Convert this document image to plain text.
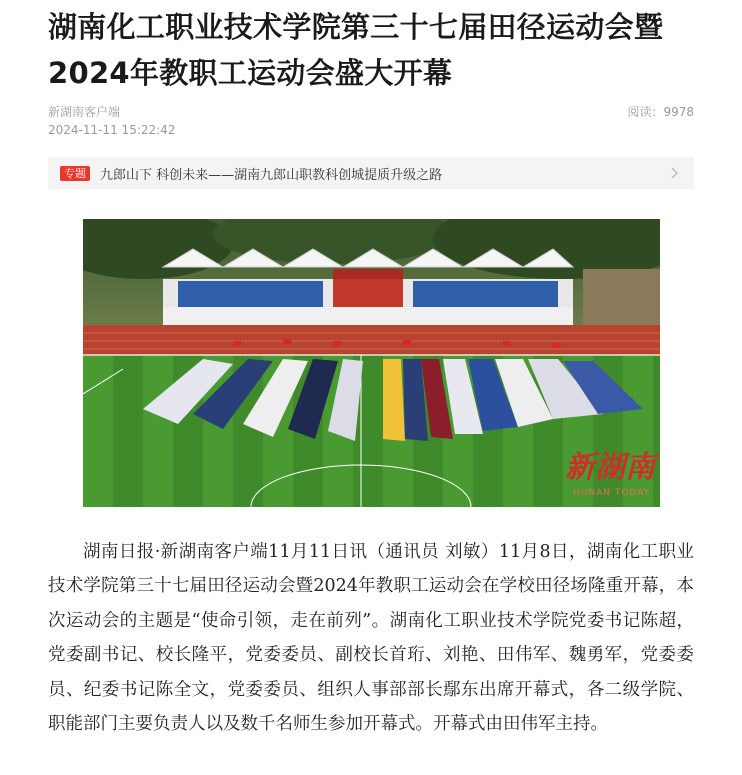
湖南化工职业技术学院第三十七届田径运动会暨2024年教职工运动会盛大开幕
新湖南客户端
2024-11-11 15:22:42
阅读：9978
专题	九郎山下 科创未来——湖南九郎山职教科创城提质升级之路
新湖南
HUNAN TODAY

湖南日报·新湖南客户端11月11日讯（通讯员 刘敏）11月8日，湖南化工职业技术学院第三十七届田径运动会暨2024年教职工运动会在学校田径场隆重开幕，本次运动会的主题是“使命引领，走在前列”。湖南化工职业技术学院党委书记陈超，党委副书记、校长隆平，党委委员、副校长首珩、刘艳、田伟军、魏勇军，党委委员、纪委书记陈全文，党委委员、组织人事部部长鄢东出席开幕式，各二级学院、职能部门主要负责人以及数千名师生参加开幕式。开幕式由田伟军主持。
